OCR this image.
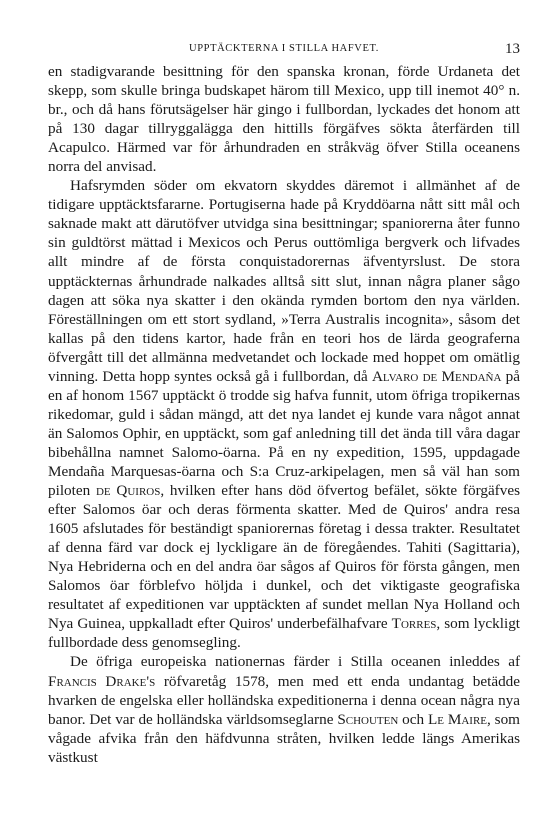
UPPTÄCKTERNA I STILLA HAFVET.	13

en stadigvarande besittning för den spanska kronan, förde Urdaneta det skepp, som skulle bringa budskapet härom till Mexico, upp till inemot 40° n. br., och då hans förutsägelser här gingo i fullbordan, lyckades det honom att på 130 dagar tillryggalägga den hittills förgäfves sökta återfärden till Acapulco. Härmed var för århundraden en stråkväg öfver Stilla oceanens norra del anvisad.

Hafsrymden söder om ekvatorn skyddes däremot i allmänhet af de tidigare upptäcktsfararne. Portugiserna hade på Kryddöarna nått sitt mål och saknade makt att därutöfver utvidga sina besittningar; spaniorerna åter funno sin guldtörst mättad i Mexicos och Perus outtömliga bergverk och lifvades allt mindre af de första conquistadorernas äfventyrslust. De stora upptäckternas århundrade nalkades alltså sitt slut, innan några planer sågo dagen att söka nya skatter i den okända rymden bortom den nya världen. Föreställningen om ett stort sydland, »Terra Australis incognita», såsom det kallas på den tidens kartor, hade från en teori hos de lärda geograferna öfvergått till det allmänna medvetandet och lockade med hoppet om omätlig vinning. Detta hopp syntes också gå i fullbordan, då Alvaro de Mendaña på en af honom 1567 upptäckt ö trodde sig hafva funnit, utom öfriga tropikernas rikedomar, guld i sådan mängd, att det nya landet ej kunde vara något annat än Salomos Ophir, en upptäckt, som gaf anledning till det ända till våra dagar bibehållna namnet Salomo-öarna. På en ny expedition, 1595, uppdagade Mendaña Marquesas-öarna och S:a Cruz-arkipelagen, men så väl han som piloten de Quiros, hvilken efter hans död öfvertog befälet, sökte förgäfves efter Salomos öar och deras förmenta skatter. Med de Quiros' andra resa 1605 afslutades för beständigt spaniorernas företag i dessa trakter. Resultatet af denna färd var dock ej lyckligare än de föregåendes. Tahiti (Sagittaria), Nya Hebriderna och en del andra öar sågos af Quiros för första gången, men Salomos öar förblefvo höljda i dunkel, och det viktigaste geografiska resultatet af expeditionen var upptäckten af sundet mellan Nya Holland och Nya Guinea, uppkalladt efter Quiros' underbefälhafvare Torres, som lyckligt fullbordade dess genomsegling.

De öfriga europeiska nationernas färder i Stilla oceanen inleddes af Francis Drake's röfvaretåg 1578, men med ett enda undantag betädde hvarken de engelska eller holländska expeditionerna i denna ocean några nya banor. Det var de holländska världsomseglarne Schouten och Le Maire, som vågade afvika från den häfdvunna stråten, hvilken ledde längs Amerikas västkust
